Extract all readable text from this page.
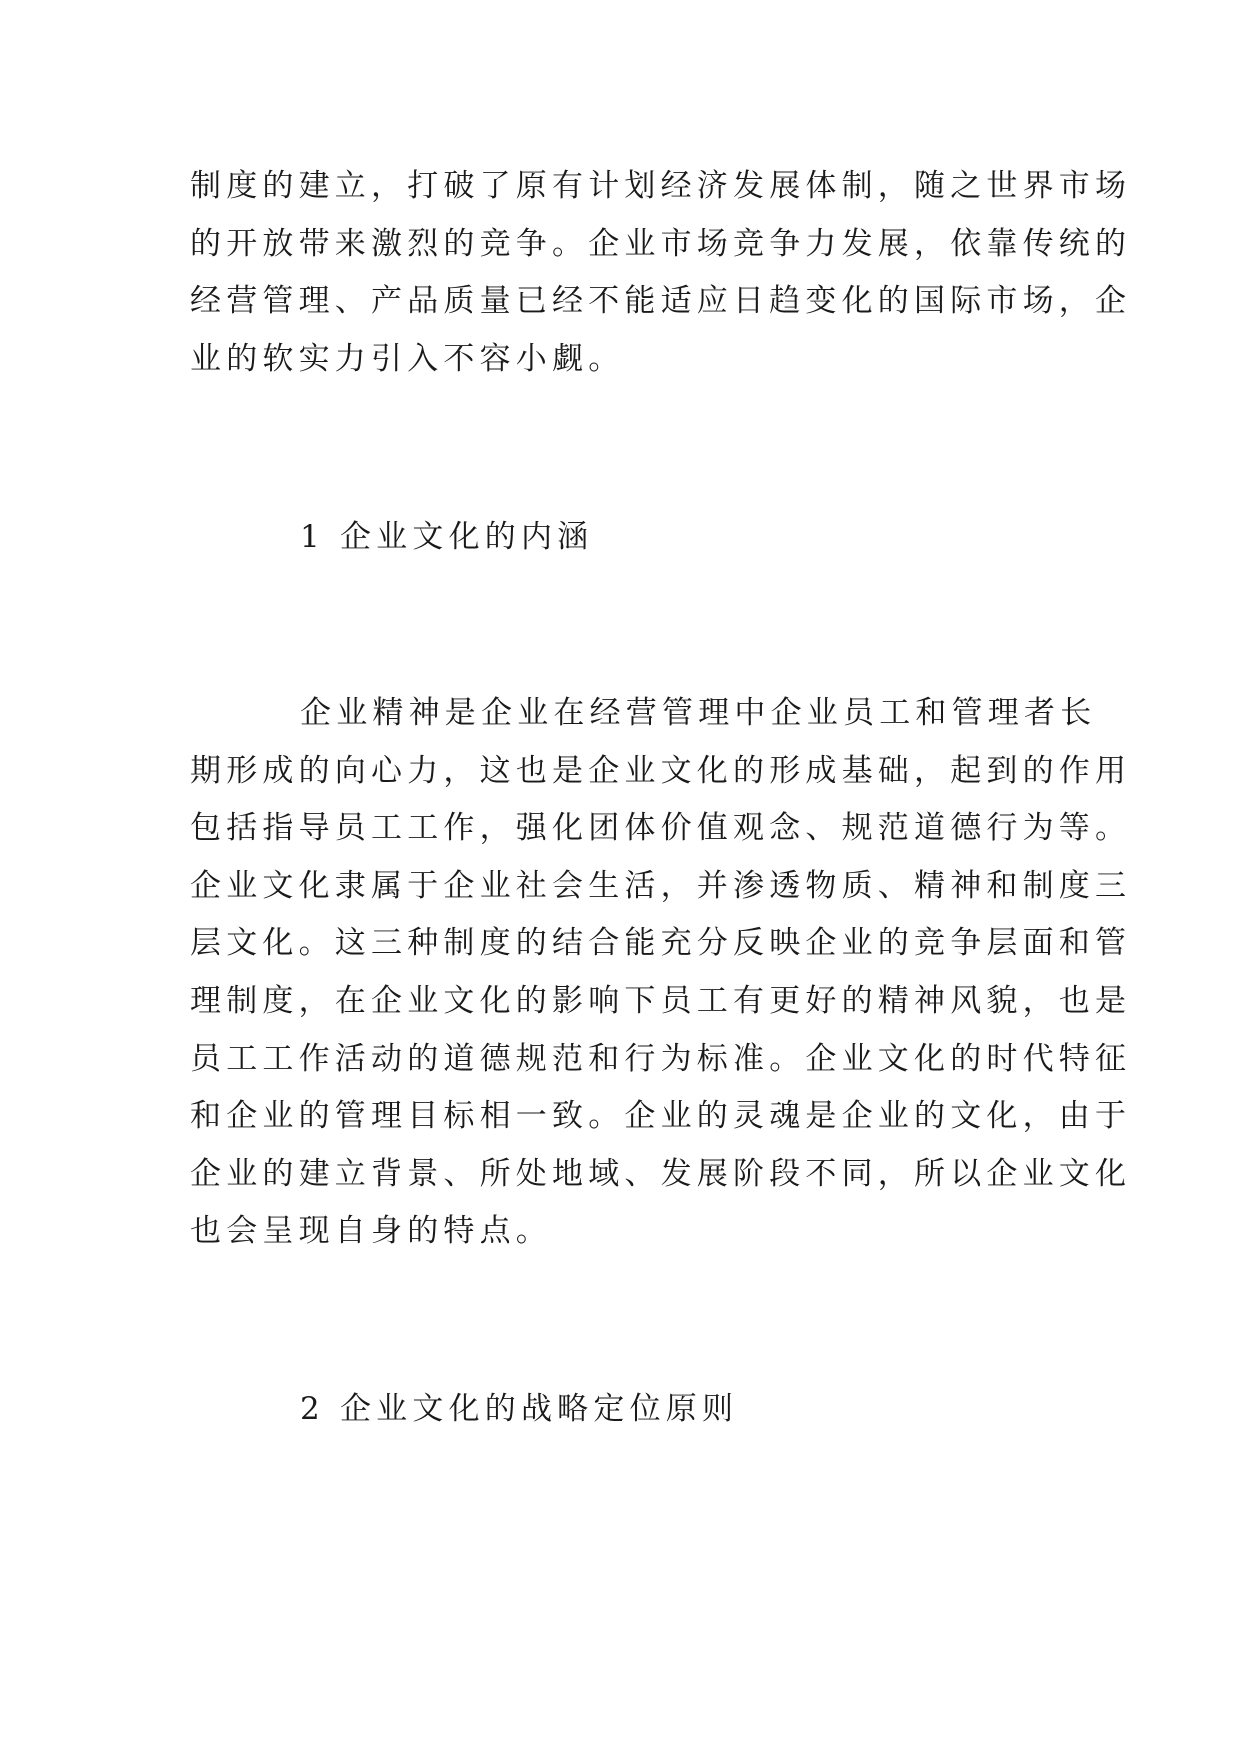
制度的建立，打破了原有计划经济发展体制，随之世界市场
的开放带来激烈的竞争。企业市场竞争力发展，依靠传统的
经营管理、产品质量已经不能适应日趋变化的国际市场，企
业的软实力引入不容小觑。
1 企业文化的内涵
企业精神是企业在经营管理中企业员工和管理者长
期形成的向心力，这也是企业文化的形成基础，起到的作用
包括指导员工工作，强化团体价值观念、规范道德行为等。
企业文化隶属于企业社会生活，并渗透物质、精神和制度三
层文化。这三种制度的结合能充分反映企业的竞争层面和管
理制度，在企业文化的影响下员工有更好的精神风貌，也是
员工工作活动的道德规范和行为标准。企业文化的时代特征
和企业的管理目标相一致。企业的灵魂是企业的文化，由于
企业的建立背景、所处地域、发展阶段不同，所以企业文化
也会呈现自身的特点。
2 企业文化的战略定位原则
